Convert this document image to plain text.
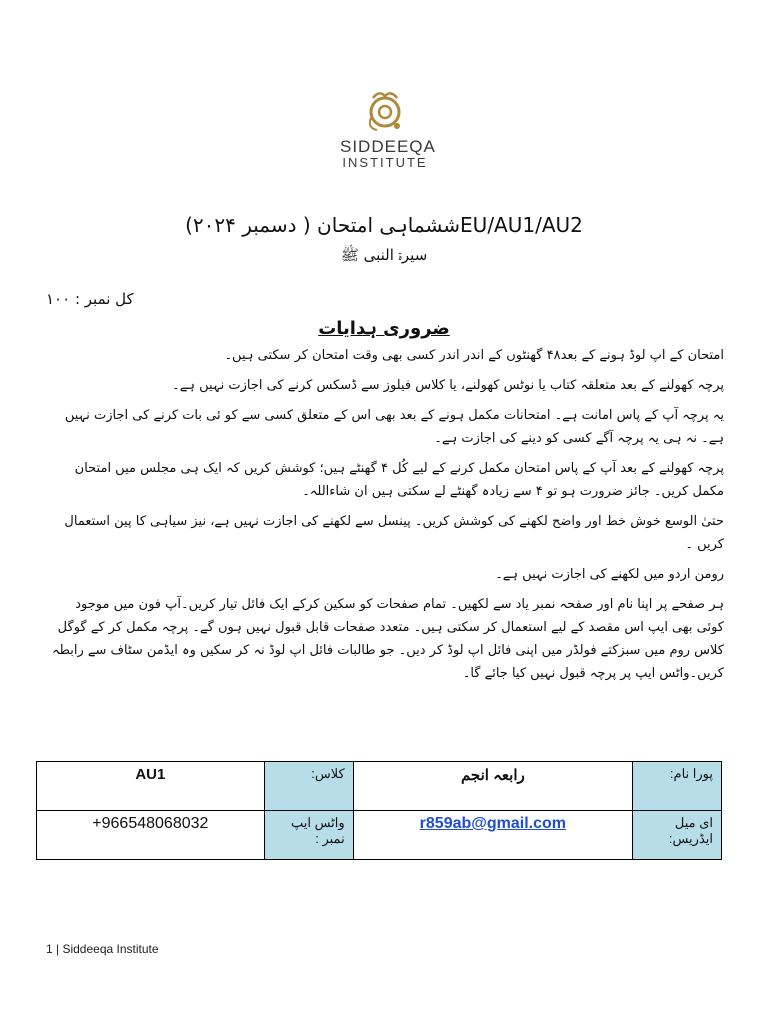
SIDDEEQA
INSTITUTE
EU/AU1/AU2ششماہی امتحان ( دسمبر ۲۰۲۴)
سیرۃ النبی ﷺ
کل نمبر : ۱۰۰
ضروری ہدایات

امتحان کے اپ لوڈ ہونے کے بعد۴۸ گھنٹوں کے اندر اندر کسی بھی وقت امتحان کر سکتی ہیں۔

پرچہ کھولنے کے بعد متعلقہ کتاب یا نوٹس کھولنے، یا کلاس فیلوز سے ڈسکس کرنے کی اجازت نہیں ہے۔

یہ پرچہ آپ کے پاس امانت ہے۔ امتحانات مکمل ہونے کے بعد بھی اس کے متعلق کسی سے کو ئی بات کرنے کی اجازت نہیں ہے۔ نہ ہی یہ پرچہ آگے کسی کو دینے کی اجازت ہے۔

پرچہ کھولنے کے بعد آپ کے پاس امتحان مکمل کرنے کے لیے کُل ۴ گھنٹے ہیں؛ کوشش کریں کہ ایک ہی مجلس میں امتحان مکمل کریں۔ جائز ضرورت ہو تو ۴ سے زیادہ گھنٹے لے سکتی ہیں ان شاءاللہ۔

حتیٰ الوسع خوش خط اور واضح لکھنے کی کوشش کریں۔ پینسل سے لکھنے کی اجازت نہیں ہے، نیز سیاہی کا پین استعمال کریں ۔

رومن اردو میں لکھنے کی اجازت نہیں ہے۔

ہر صفحے پر اپنا نام اور صفحہ نمبر یاد سے لکھیں۔ تمام صفحات کو سکین کرکے ایک فائل تیار کریں۔آپ فون میں موجود کوئی بھی ایپ اس مقصد کے لیے استعمال کر سکتی ہیں۔ متعدد صفحات قابل قبول نہیں ہوں گے۔ پرچہ مکمل کر کے گوگل کلاس روم میں سبزکتے فولڈر میں اپنی فائل اپ لوڈ کر دیں۔ جو طالبات فائل اپ لوڈ نہ کر سکیں وہ ایڈمن سٹاف سے رابطہ کریں۔واٹس ایپ پر پرچہ قبول نہیں کیا جائے گا۔

پورا نام:	رابعہ انجم	کلاس:	AU1
ای میل ایڈریس:	r859ab@gmail.com	واٹس ایپ نمبر :	+966548068032
1 | Siddeeqa Institute
